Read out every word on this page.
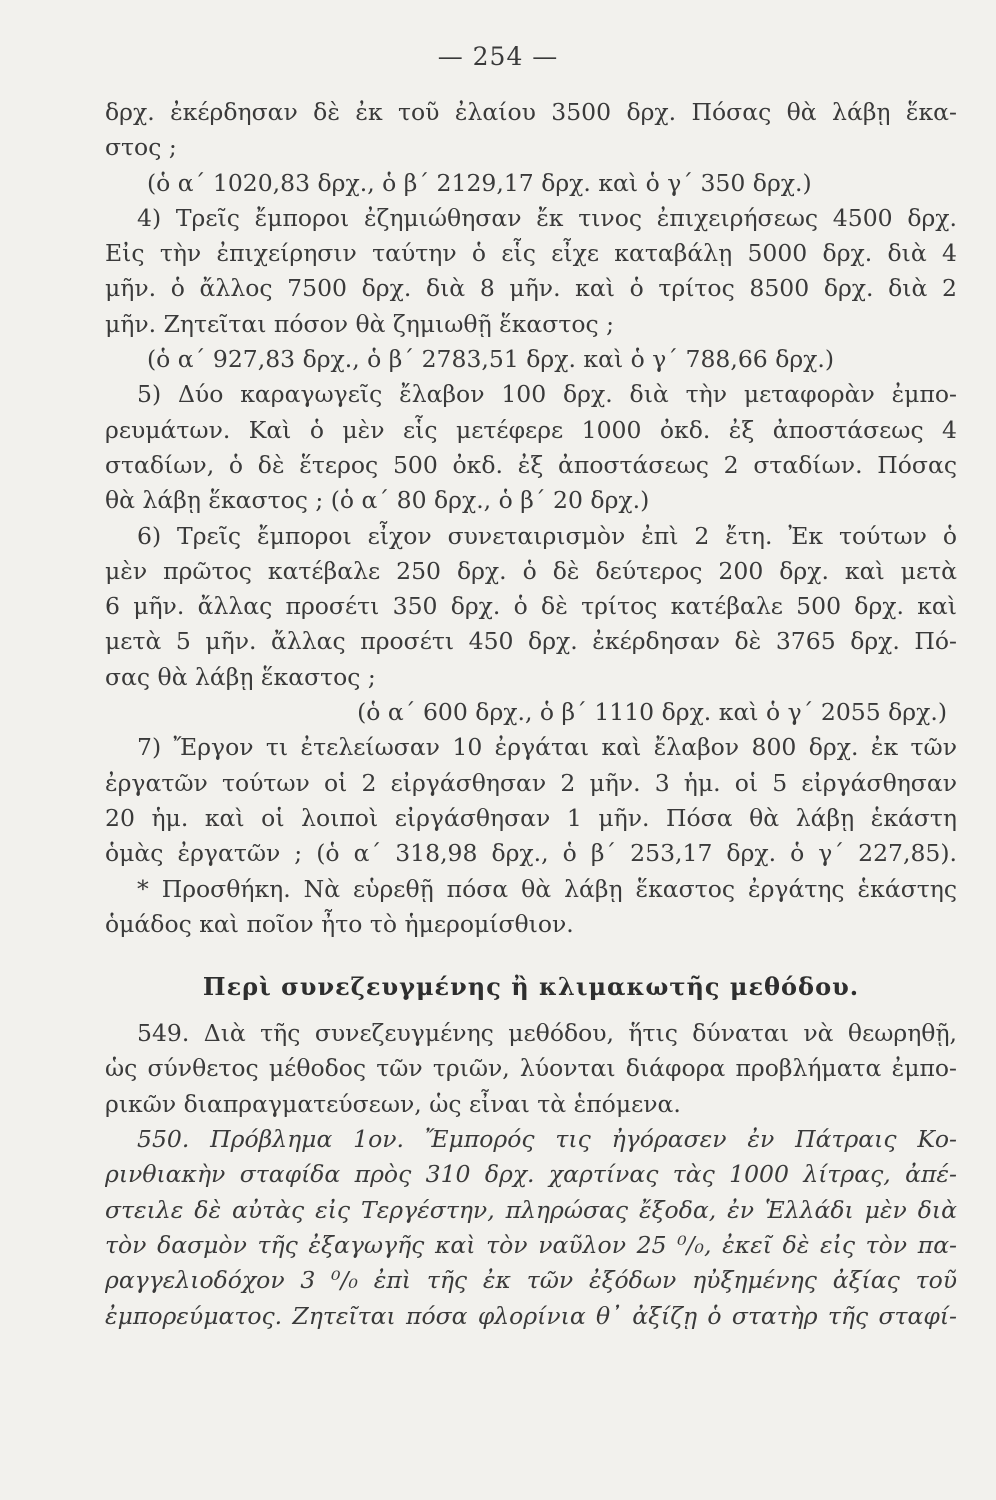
— 254 —
δρχ. ἐκέρδησαν δὲ ἐκ τοῦ ἐλαίου 3500 δρχ. Πόσας θὰ λάβῃ ἕκα-
στος ;
(ὁ α΄ 1020,83 δρχ., ὁ β΄ 2129,17 δρχ. καὶ ὁ γ΄ 350 δρχ.)
4) Τρεῖς ἔμποροι ἐζημιώθησαν ἔκ τινος ἐπιχειρήσεως 4500 δρχ.
Εἰς τὴν ἐπιχείρησιν ταύτην ὁ εἷς εἶχε καταβάλῃ 5000 δρχ. διὰ 4
μῆν. ὁ ἄλλος 7500 δρχ. διὰ 8 μῆν. καὶ ὁ τρίτος 8500 δρχ. διὰ 2
μῆν. Ζητεῖται πόσον θὰ ζημιωθῇ ἕκαστος ;
(ὁ α΄ 927,83 δρχ., ὁ β΄ 2783,51 δρχ. καὶ ὁ γ΄ 788,66 δρχ.)
5) Δύο καραγωγεῖς ἔλαβον 100 δρχ. διὰ τὴν μεταφορὰν ἐμπο-
ρευμάτων. Καὶ ὁ μὲν εἷς μετέφερε 1000 ὀκδ. ἐξ ἀποστάσεως 4
σταδίων, ὁ δὲ ἕτερος 500 ὀκδ. ἐξ ἀποστάσεως 2 σταδίων. Πόσας
θὰ λάβῃ ἕκαστος ; (ὁ α΄ 80 δρχ., ὁ β΄ 20 δρχ.)
6) Τρεῖς ἔμποροι εἶχον συνεταιρισμὸν ἐπὶ 2 ἔτη. Ἐκ τούτων ὁ
μὲν πρῶτος κατέβαλε 250 δρχ. ὁ δὲ δεύτερος 200 δρχ. καὶ μετὰ
6 μῆν. ἄλλας προσέτι 350 δρχ. ὁ δὲ τρίτος κατέβαλε 500 δρχ. καὶ
μετὰ 5 μῆν. ἄλλας προσέτι 450 δρχ. ἐκέρδησαν δὲ 3765 δρχ. Πό-
σας θὰ λάβῃ ἕκαστος ;
(ὁ α΄ 600 δρχ., ὁ β΄ 1110 δρχ. καὶ ὁ γ΄ 2055 δρχ.)
7) Ἔργον τι ἐτελείωσαν 10 ἐργάται καὶ ἔλαβον 800 δρχ. ἐκ τῶν
ἐργατῶν τούτων οἱ 2 εἰργάσθησαν 2 μῆν. 3 ἡμ. οἱ 5 εἰργάσθησαν
20 ἡμ. καὶ οἱ λοιποὶ εἰργάσθησαν 1 μῆν. Πόσα θὰ λάβῃ ἑκάστη
ὁμὰς ἐργατῶν ; (ὁ α΄ 318,98 δρχ., ὁ β΄ 253,17 δρχ. ὁ γ΄ 227,85).
* Προσθήκη. Νὰ εὑρεθῇ πόσα θὰ λάβῃ ἕκαστος ἐργάτης ἑκάστης
ὁμάδος καὶ ποῖον ἦτο τὸ ἡμερομίσθιον.
Περὶ συνεζευγμένης ἢ κλιμακωτῆς μεθόδου.
549. Διὰ τῆς συνεζευγμένης μεθόδου, ἥτις δύναται νὰ θεωρηθῇ,
ὡς σύνθετος μέθοδος τῶν τριῶν, λύονται διάφορα προβλήματα ἐμπο-
ρικῶν διαπραγματεύσεων, ὡς εἶναι τὰ ἑπόμενα.
550. Πρόβλημα 1ον. Ἔμπορός τις ἠγόρασεν ἐν Πάτραις Κο-
ρινθιακὴν σταφίδα πρὸς 310 δρχ. χαρτίνας τὰς 1000 λίτρας, ἀπέ-
στειλε δὲ αὐτὰς εἰς Τεργέστην, πληρώσας ἔξοδα, ἐν Ἑλλάδι μὲν διὰ
τὸν δασμὸν τῆς ἐξαγωγῆς καὶ τὸν ναῦλον 25 ⁰/₀, ἐκεῖ δὲ εἰς τὸν πα-
ραγγελιοδόχον 3 ⁰/₀ ἐπὶ τῆς ἐκ τῶν ἐξόδων ηὐξημένης ἀξίας τοῦ
ἐμπορεύματος. Ζητεῖται πόσα φλορίνια θ᾽ ἀξίζῃ ὁ στατὴρ τῆς σταφί-
